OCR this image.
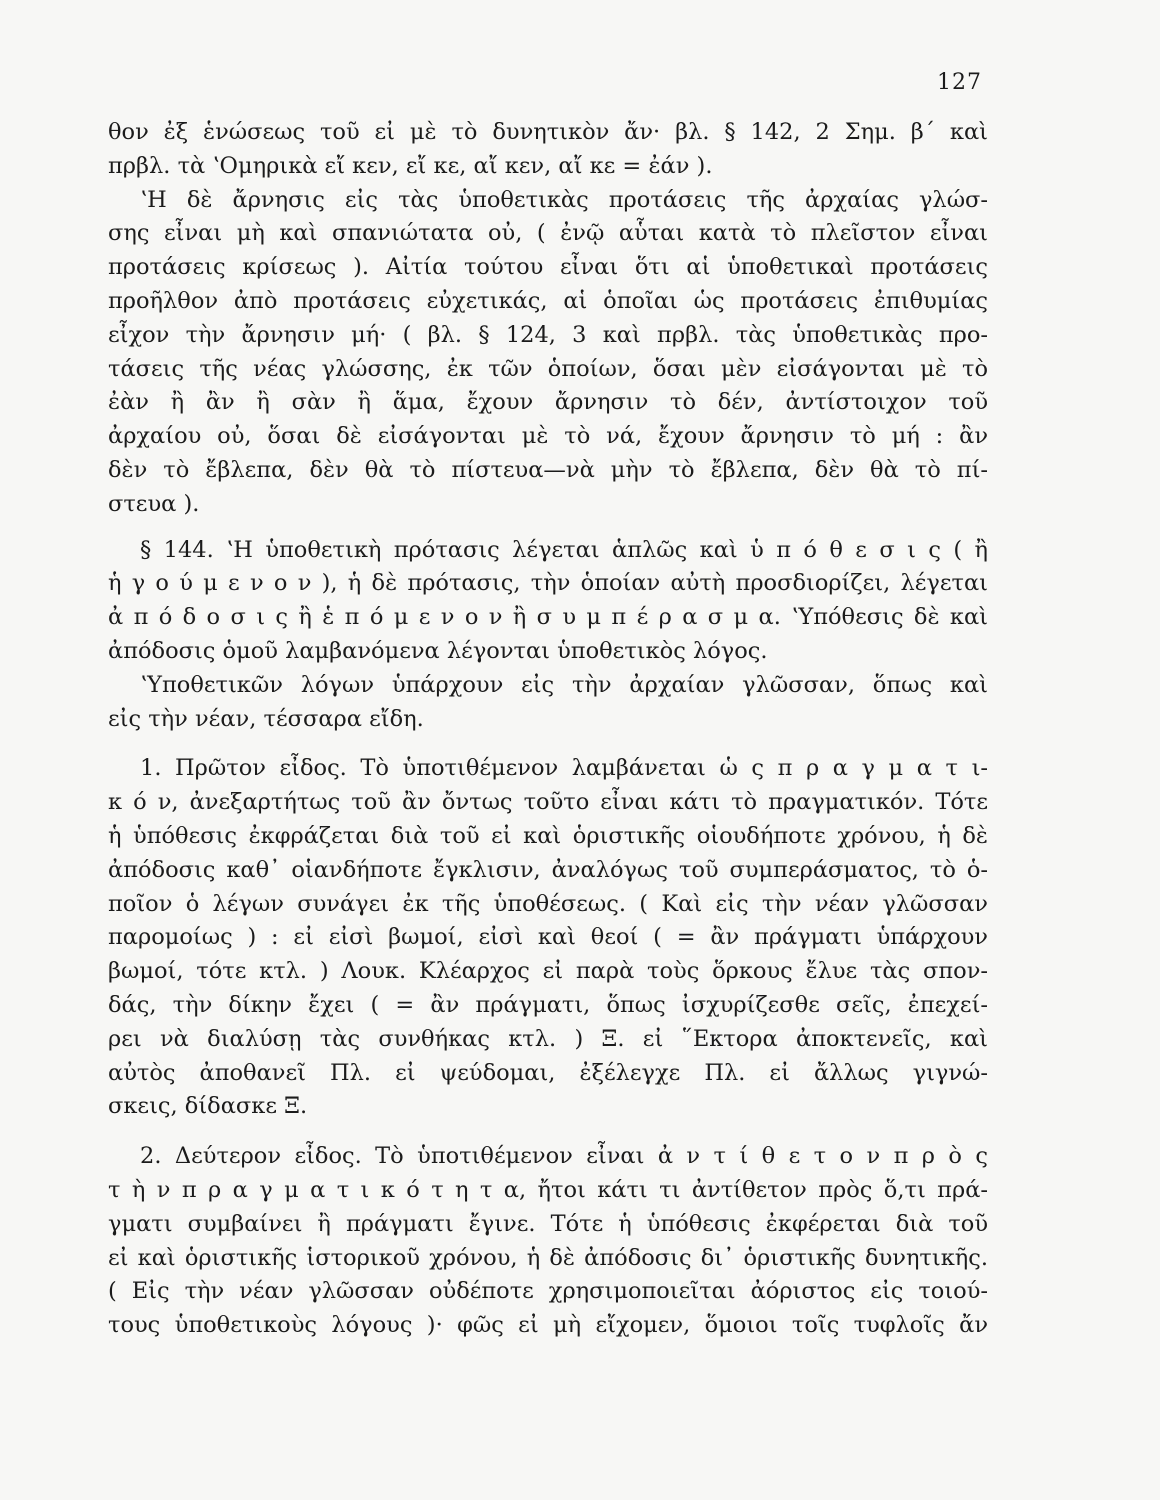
127
θον ἐξ ἑνώσεως τοῦ εἰ μὲ τὸ δυνητικὸν ἄν· βλ. § 142, 2 Σημ. β΄ καὶ
πρβλ. τὰ ʽΟμηρικὰ εἴ κεν, εἴ κε, αἴ κεν, αἴ κε = ἐάν ).
ʽΗ δὲ ἄρνησις εἰς τὰς ὑποθετικὰς προτάσεις τῆς ἀρχαίας γλώσ-
σης εἶναι μὴ καὶ σπανιώτατα οὐ, ( ἐνῷ αὗται κατὰ τὸ πλεῖστον εἶναι
προτάσεις κρίσεως ). Αἰτία τούτου εἶναι ὅτι αἱ ὑποθετικαὶ προτάσεις
προῆλθον ἀπὸ προτάσεις εὐχετικάς, αἱ ὁποῖαι ὡς προτάσεις ἐπιθυμίας
εἶχον τὴν ἄρνησιν μή· ( βλ. § 124, 3 καὶ πρβλ. τὰς ὑποθετικὰς προ-
τάσεις τῆς νέας γλώσσης, ἐκ τῶν ὁποίων, ὅσαι μὲν εἰσάγονται μὲ τὸ
ἐὰν ἢ ἂν ἢ σὰν ἢ ἅμα, ἔχουν ἄρνησιν τὸ δέν, ἀντίστοιχον τοῦ
ἀρχαίου οὐ, ὅσαι δὲ εἰσάγονται μὲ τὸ νά, ἔχουν ἄρνησιν τὸ μή : ἂν
δὲν τὸ ἔβλεπα, δὲν θὰ τὸ πίστευα—νὰ μὴν τὸ ἔβλεπα, δὲν θὰ τὸ πί-
στευα ).
§ 144. ʽΗ ὑποθετικὴ πρότασις λέγεται ἁπλῶς καὶ ὑ π ό θ ε σ ι ς ( ἢ
ἡ γ ο ύ μ ε ν ο ν ), ἡ δὲ πρότασις, τὴν ὁποίαν αὐτὴ προσδιορίζει, λέγεται
ἀ π ό δ ο σ ι ς ἢ ἑ π ό μ ε ν ο ν ἢ σ υ μ π έ ρ α σ μ α. ʽΥπόθεσις δὲ καὶ
ἀπόδοσις ὁμοῦ λαμβανόμενα λέγονται ὑποθετικὸς λόγος.
ʽΥποθετικῶν λόγων ὑπάρχουν εἰς τὴν ἀρχαίαν γλῶσσαν, ὅπως καὶ
εἰς τὴν νέαν, τέσσαρα εἴδη.
1. Πρῶτον εἶδος. Τὸ ὑποτιθέμενον λαμβάνεται ὡ ς π ρ α γ μ α τ ι-
κ ό ν, ἀνεξαρτήτως τοῦ ἂν ὄντως τοῦτο εἶναι κάτι τὸ πραγματικόν. Τότε
ἡ ὑπόθεσις ἐκφράζεται διὰ τοῦ εἰ καὶ ὁριστικῆς οἱουδήποτε χρόνου, ἡ δὲ
ἀπόδοσις καθ᾿ οἱανδήποτε ἔγκλισιν, ἀναλόγως τοῦ συμπεράσματος, τὸ ὁ-
ποῖον ὁ λέγων συνάγει ἐκ τῆς ὑποθέσεως. ( Καὶ εἰς τὴν νέαν γλῶσσαν
παρομοίως ) : εἰ εἰσὶ βωμοί, εἰσὶ καὶ θεοί ( = ἂν πράγματι ὑπάρχουν
βωμοί, τότε κτλ. ) Λουκ. Κλέαρχος εἰ παρὰ τοὺς ὅρκους ἔλυε τὰς σπον-
δάς, τὴν δίκην ἔχει ( = ἂν πράγματι, ὅπως ἰσχυρίζεσθε σεῖς, ἐπεχεί-
ρει νὰ διαλύσῃ τὰς συνθήκας κτλ. ) Ξ. εἰ ῞Εκτορα ἀποκτενεῖς, καὶ
αὐτὸς ἀποθανεῖ Πλ. εἰ ψεύδομαι, ἐξέλεγχε Πλ. εἰ ἄλλως γιγνώ-
σκεις, δίδασκε Ξ.
2. Δεύτερον εἶδος. Τὸ ὑποτιθέμενον εἶναι ἀ ν τ ί θ ε τ ο ν π ρ ὸ ς
τ ὴ ν π ρ α γ μ α τ ι κ ό τ η τ α, ἤτοι κάτι τι ἀντίθετον πρὸς ὅ,τι πρά-
γματι συμβαίνει ἢ πράγματι ἔγινε. Τότε ἡ ὑπόθεσις ἐκφέρεται διὰ τοῦ
εἰ καὶ ὁριστικῆς ἱστορικοῦ χρόνου, ἡ δὲ ἀπόδοσις δι᾿ ὁριστικῆς δυνητικῆς.
( Εἰς τὴν νέαν γλῶσσαν οὐδέποτε χρησιμοποιεῖται ἀόριστος εἰς τοιού-
τους ὑποθετικοὺς λόγους )· φῶς εἰ μὴ εἴχομεν, ὅμοιοι τοῖς τυφλοῖς ἄν
